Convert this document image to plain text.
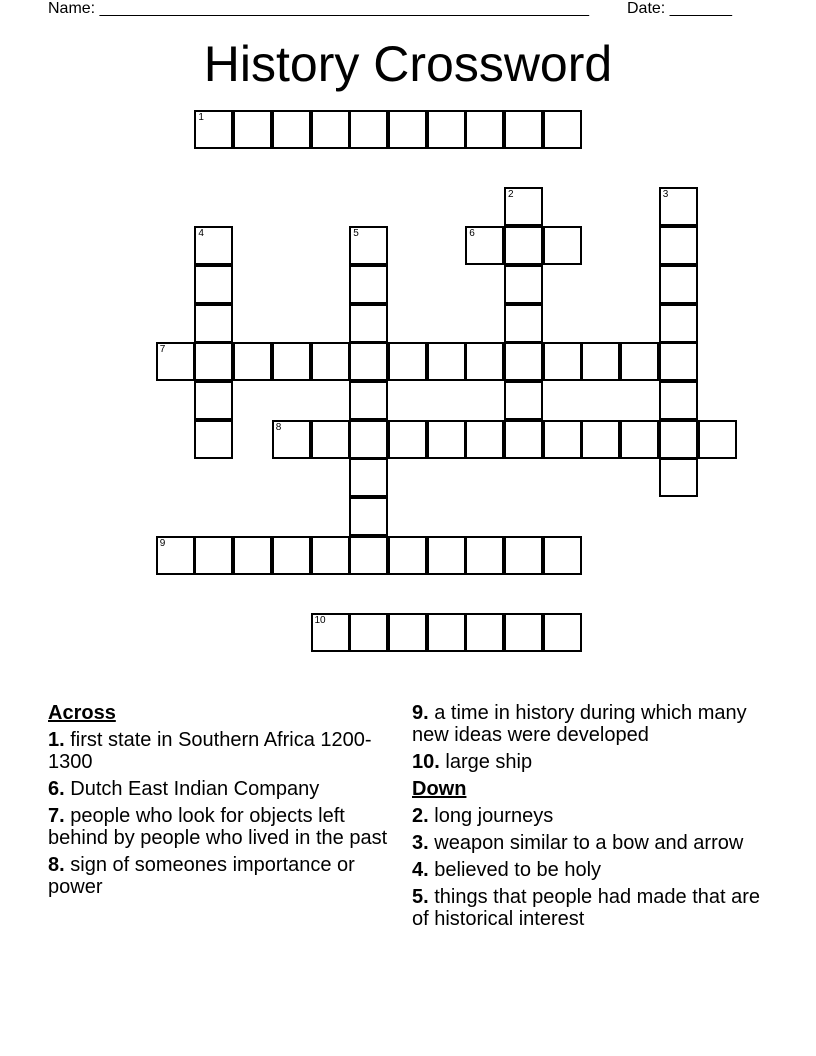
Name: _______________________________________________________ Date: _______
History Crossword
1
2	3
4	5	6
7
8
9
10
Across
1. first state in Southern Africa 1200-1300
6. Dutch East Indian Company
7. people who look for objects left behind by people who lived in the past
8. sign of someones importance or power
9. a time in history during which many new ideas were developed
10. large ship
Down
2. long journeys
3. weapon similar to a bow and arrow
4. believed to be holy
5. things that people had made that are of historical interest
